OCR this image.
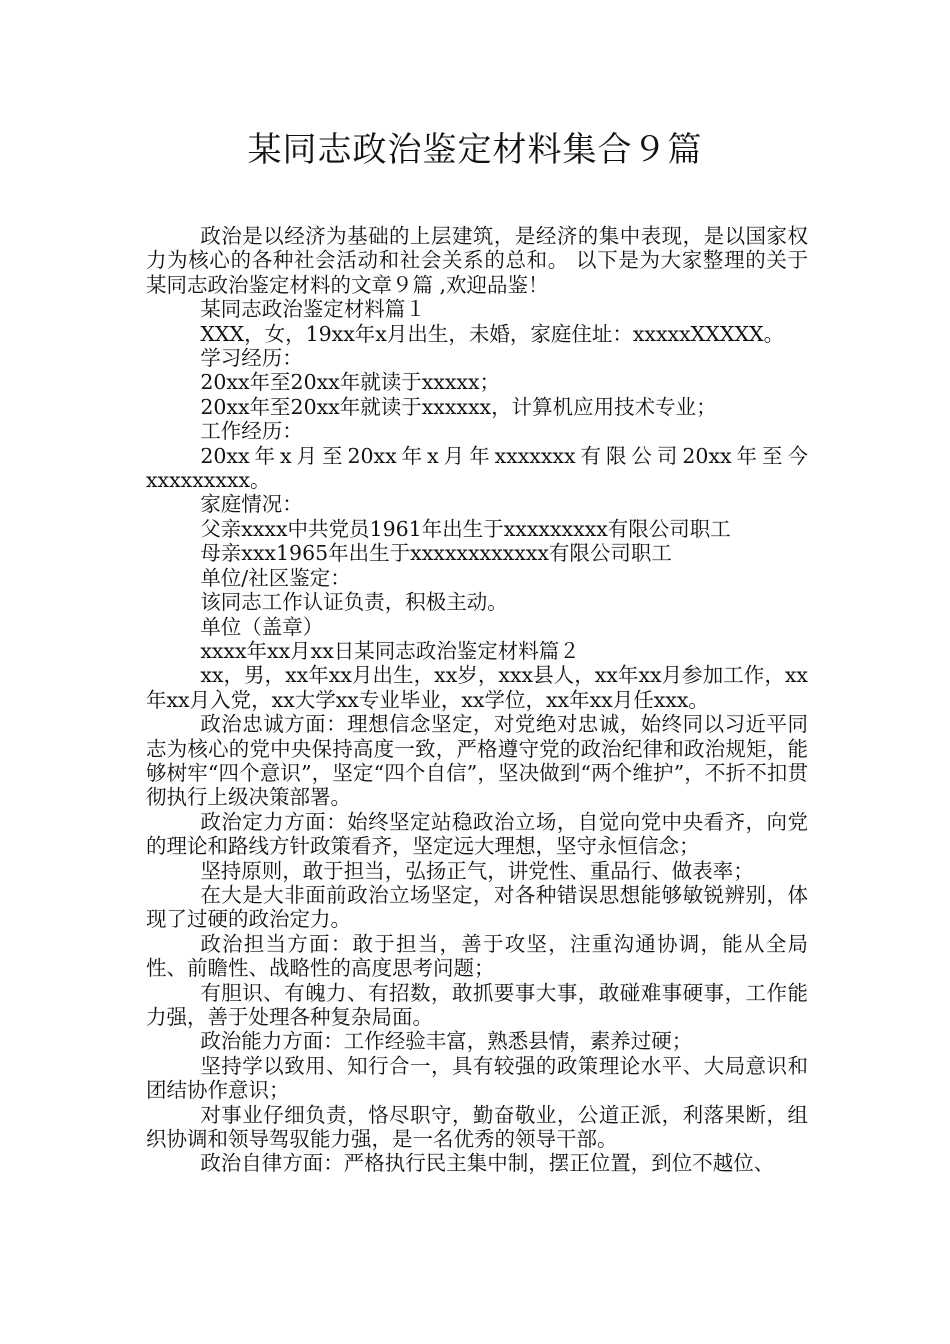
某同志政治鉴定材料集合９篇

政治是以经济为基础的上层建筑，是经济的集中表现，是以国家权力为核心的各种社会活动和社会关系的总和。 以下是为大家整理的关于某同志政治鉴定材料的文章９篇 ,欢迎品鉴！

某同志政治鉴定材料篇１

XXX，女，19xx年x月出生，未婚，家庭住址：xxxxxXXXXX。

学习经历：

20xx年至20xx年就读于xxxxx；

20xx年至20xx年就读于xxxxxx，计算机应用技术专业；

工作经历：

20xx年x月至20xx年x月年xxxxxxx有限公司20xx年至今xxxxxxxxx。

家庭情况：

父亲xxxx中共党员1961年出生于xxxxxxxxx有限公司职工

母亲xxx1965年出生于xxxxxxxxxxxx有限公司职工

单位/社区鉴定：

该同志工作认证负责，积极主动。

单位（盖章）

xxxx年xx月xx日某同志政治鉴定材料篇２

xx，男，xx年xx月出生，xx岁，xxx县人，xx年xx月参加工作，xx年xx月入党，xx大学xx专业毕业，xx学位，xx年xx月任xxx。

政治忠诚方面：理想信念坚定，对党绝对忠诚，始终同以习近平同志为核心的党中央保持高度一致，严格遵守党的政治纪律和政治规矩，能够树牢“四个意识”，坚定“四个自信”，坚决做到“两个维护”，不折不扣贯彻执行上级决策部署。

政治定力方面：始终坚定站稳政治立场，自觉向党中央看齐，向党的理论和路线方针政策看齐，坚定远大理想，坚守永恒信念；

坚持原则，敢于担当，弘扬正气，讲党性、重品行、做表率；

在大是大非面前政治立场坚定，对各种错误思想能够敏锐辨别，体现了过硬的政治定力。

政治担当方面：敢于担当，善于攻坚，注重沟通协调，能从全局性、前瞻性、战略性的高度思考问题；

有胆识、有魄力、有招数，敢抓要事大事，敢碰难事硬事，工作能力强，善于处理各种复杂局面。

政治能力方面：工作经验丰富，熟悉县情，素养过硬；

坚持学以致用、知行合一，具有较强的政策理论水平、大局意识和团结协作意识；

对事业仔细负责，恪尽职守，勤奋敬业，公道正派，利落果断，组织协调和领导驾驭能力强，是一名优秀的领导干部。

政治自律方面：严格执行民主集中制，摆正位置，到位不越位、
